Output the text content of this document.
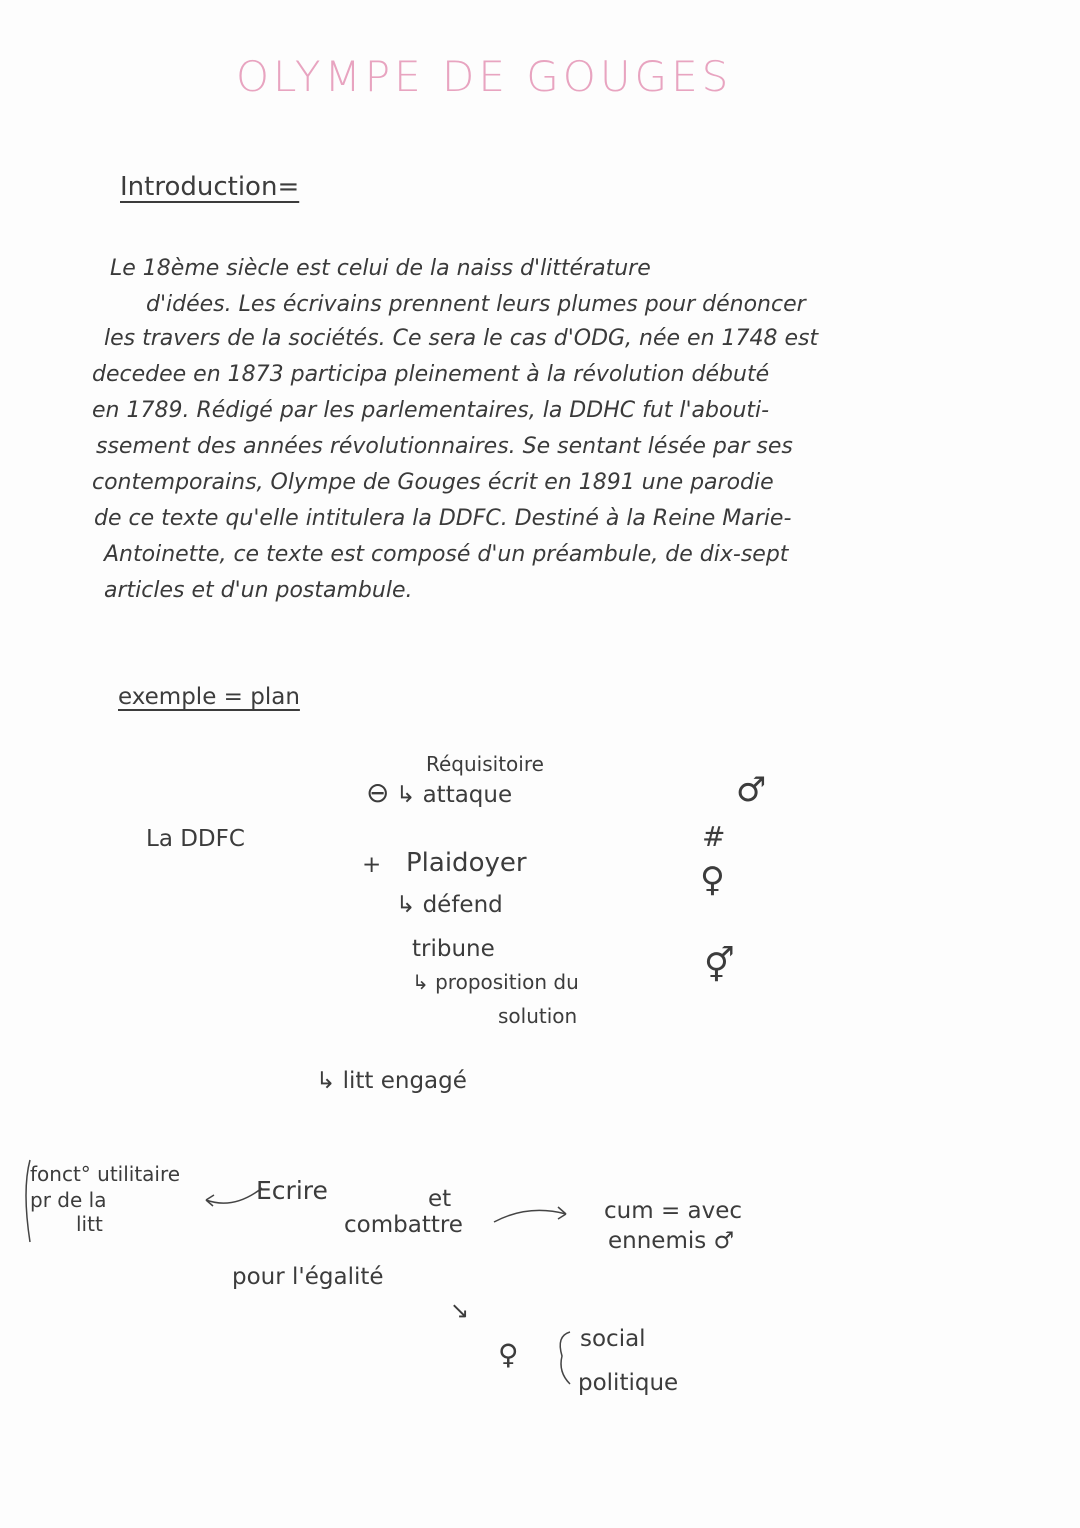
OLYMPE DE GOUGES
Introduction=
Le 18ème siècle est celui de la naiss d'littérature
d'idées. Les écrivains prennent leurs plumes pour dénoncer
les travers de la sociétés. Ce sera le cas d'ODG, née en 1748 est
decedee en 1873 participa pleinement à la révolution débuté
en 1789. Rédigé par les parlementaires, la DDHC fut l'abouti-
ssement des années révolutionnaires. Se sentant lésée par ses
contemporains, Olympe de Gouges écrit en 1891 une parodie
de ce texte qu'elle intitulera la DDFC. Destiné à la Reine Marie-
Antoinette, ce texte est composé d'un préambule, de dix-sept
articles et d'un postambule.
exemple = plan
La DDFC
⊖
Réquisitoire
↳ attaque
+ Plaidoyer
↳ défend
tribune
↳ proposition du
solution
↳ litt engagé
♂
#
♀
⚥
fonct° utilitaire
pr de la
litt
Ecrire	et
combattre
cum = avec
ennemis ♂
pour l'égalité
↘
♀	social
politique
